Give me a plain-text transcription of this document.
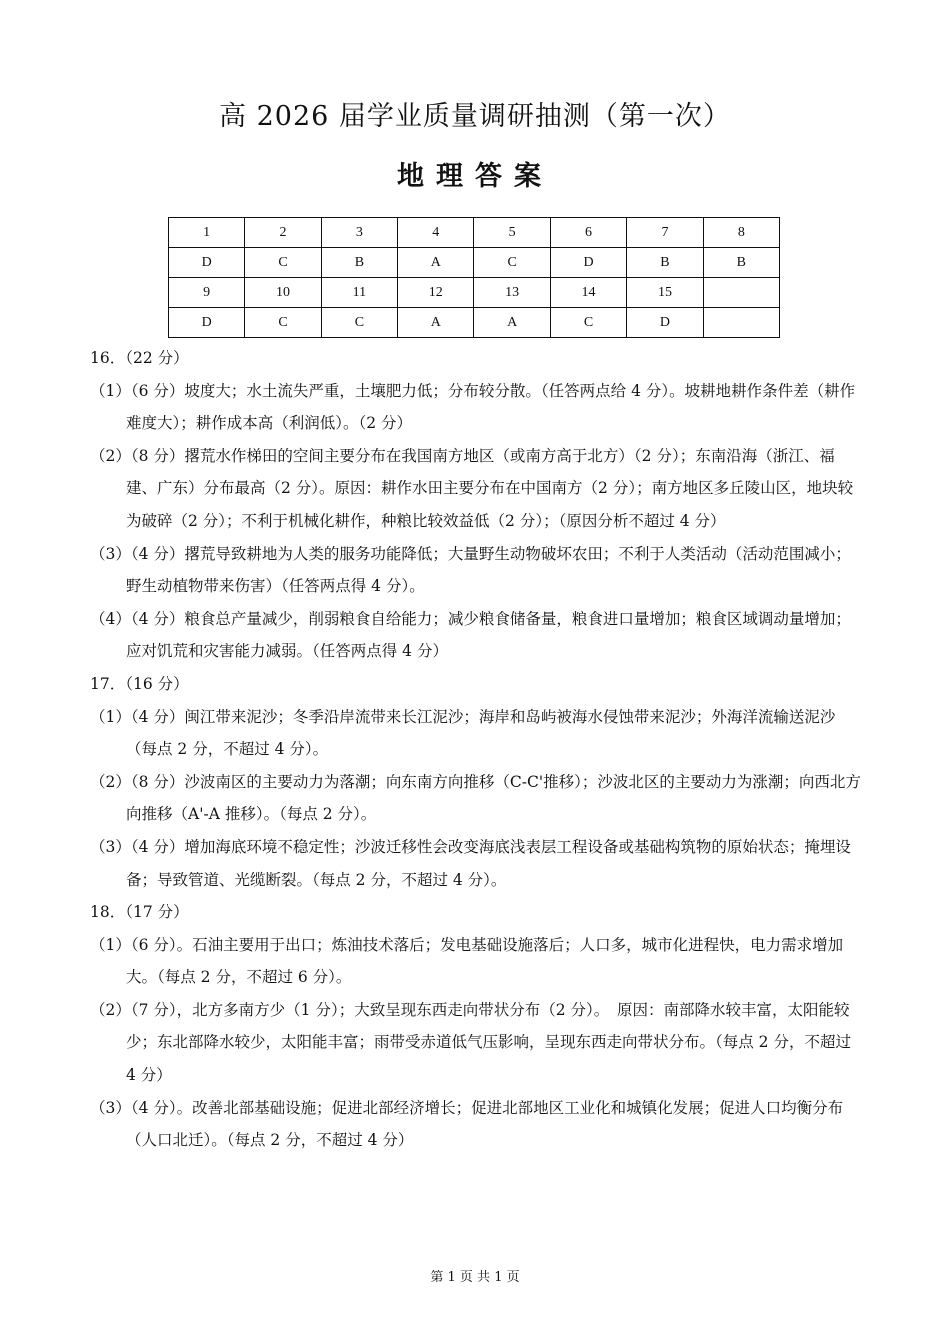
高 2026 届学业质量调研抽测（第一次）
地理答案
1	2	3	4	5	6	7	8
D	C	B	A	C	D	B	B
9	10	11	12	13	14	15	
D	C	C	A	A	C	D	
16．（22 分）
（1）（6 分）坡度大；水土流失严重，土壤肥力低；分布较分散。（任答两点给 4 分）。坡耕地耕作条件差（耕作难度大）；耕作成本高（利润低）。（2 分）
（2）（8 分）撂荒水作梯田的空间主要分布在我国南方地区（或南方高于北方）（2 分）；东南沿海（浙江、福建、广东）分布最高（2 分）。原因：耕作水田主要分布在中国南方（2 分）；南方地区多丘陵山区，地块较为破碎（2 分）；不利于机械化耕作，种粮比较效益低（2 分）；（原因分析不超过 4 分）
（3）（4 分）撂荒导致耕地为人类的服务功能降低；大量野生动物破坏农田；不利于人类活动（活动范围减小；野生动植物带来伤害）（任答两点得 4 分）。
（4）（4 分）粮食总产量减少，削弱粮食自给能力；减少粮食储备量，粮食进口量增加；粮食区域调动量增加；应对饥荒和灾害能力减弱。（任答两点得 4 分）
17．（16 分）
（1）（4 分）闽江带来泥沙；冬季沿岸流带来长江泥沙；海岸和岛屿被海水侵蚀带来泥沙；外海洋流输送泥沙（每点 2 分，不超过 4 分）。
（2）（8 分）沙波南区的主要动力为落潮；向东南方向推移（C-C'推移）；沙波北区的主要动力为涨潮；向西北方向推移（A'-A 推移）。（每点 2 分）。
（3）（4 分）增加海底环境不稳定性；沙波迁移性会改变海底浅表层工程设备或基础构筑物的原始状态；掩埋设备；导致管道、光缆断裂。（每点 2 分，不超过 4 分）。
18．（17 分）
（1）（6 分）。石油主要用于出口；炼油技术落后；发电基础设施落后；人口多，城市化进程快，电力需求增加大。（每点 2 分，不超过 6 分）。
（2）（7 分），北方多南方少（1 分）；大致呈现东西走向带状分布（2 分）。　原因：南部降水较丰富，太阳能较少；东北部降水较少，太阳能丰富；雨带受赤道低气压影响，呈现东西走向带状分布。（每点 2 分，不超过 4 分）
（3）（4 分）。改善北部基础设施；促进北部经济增长；促进北部地区工业化和城镇化发展；促进人口均衡分布（人口北迁）。（每点 2 分，不超过 4 分）
第 1 页 共 1 页
